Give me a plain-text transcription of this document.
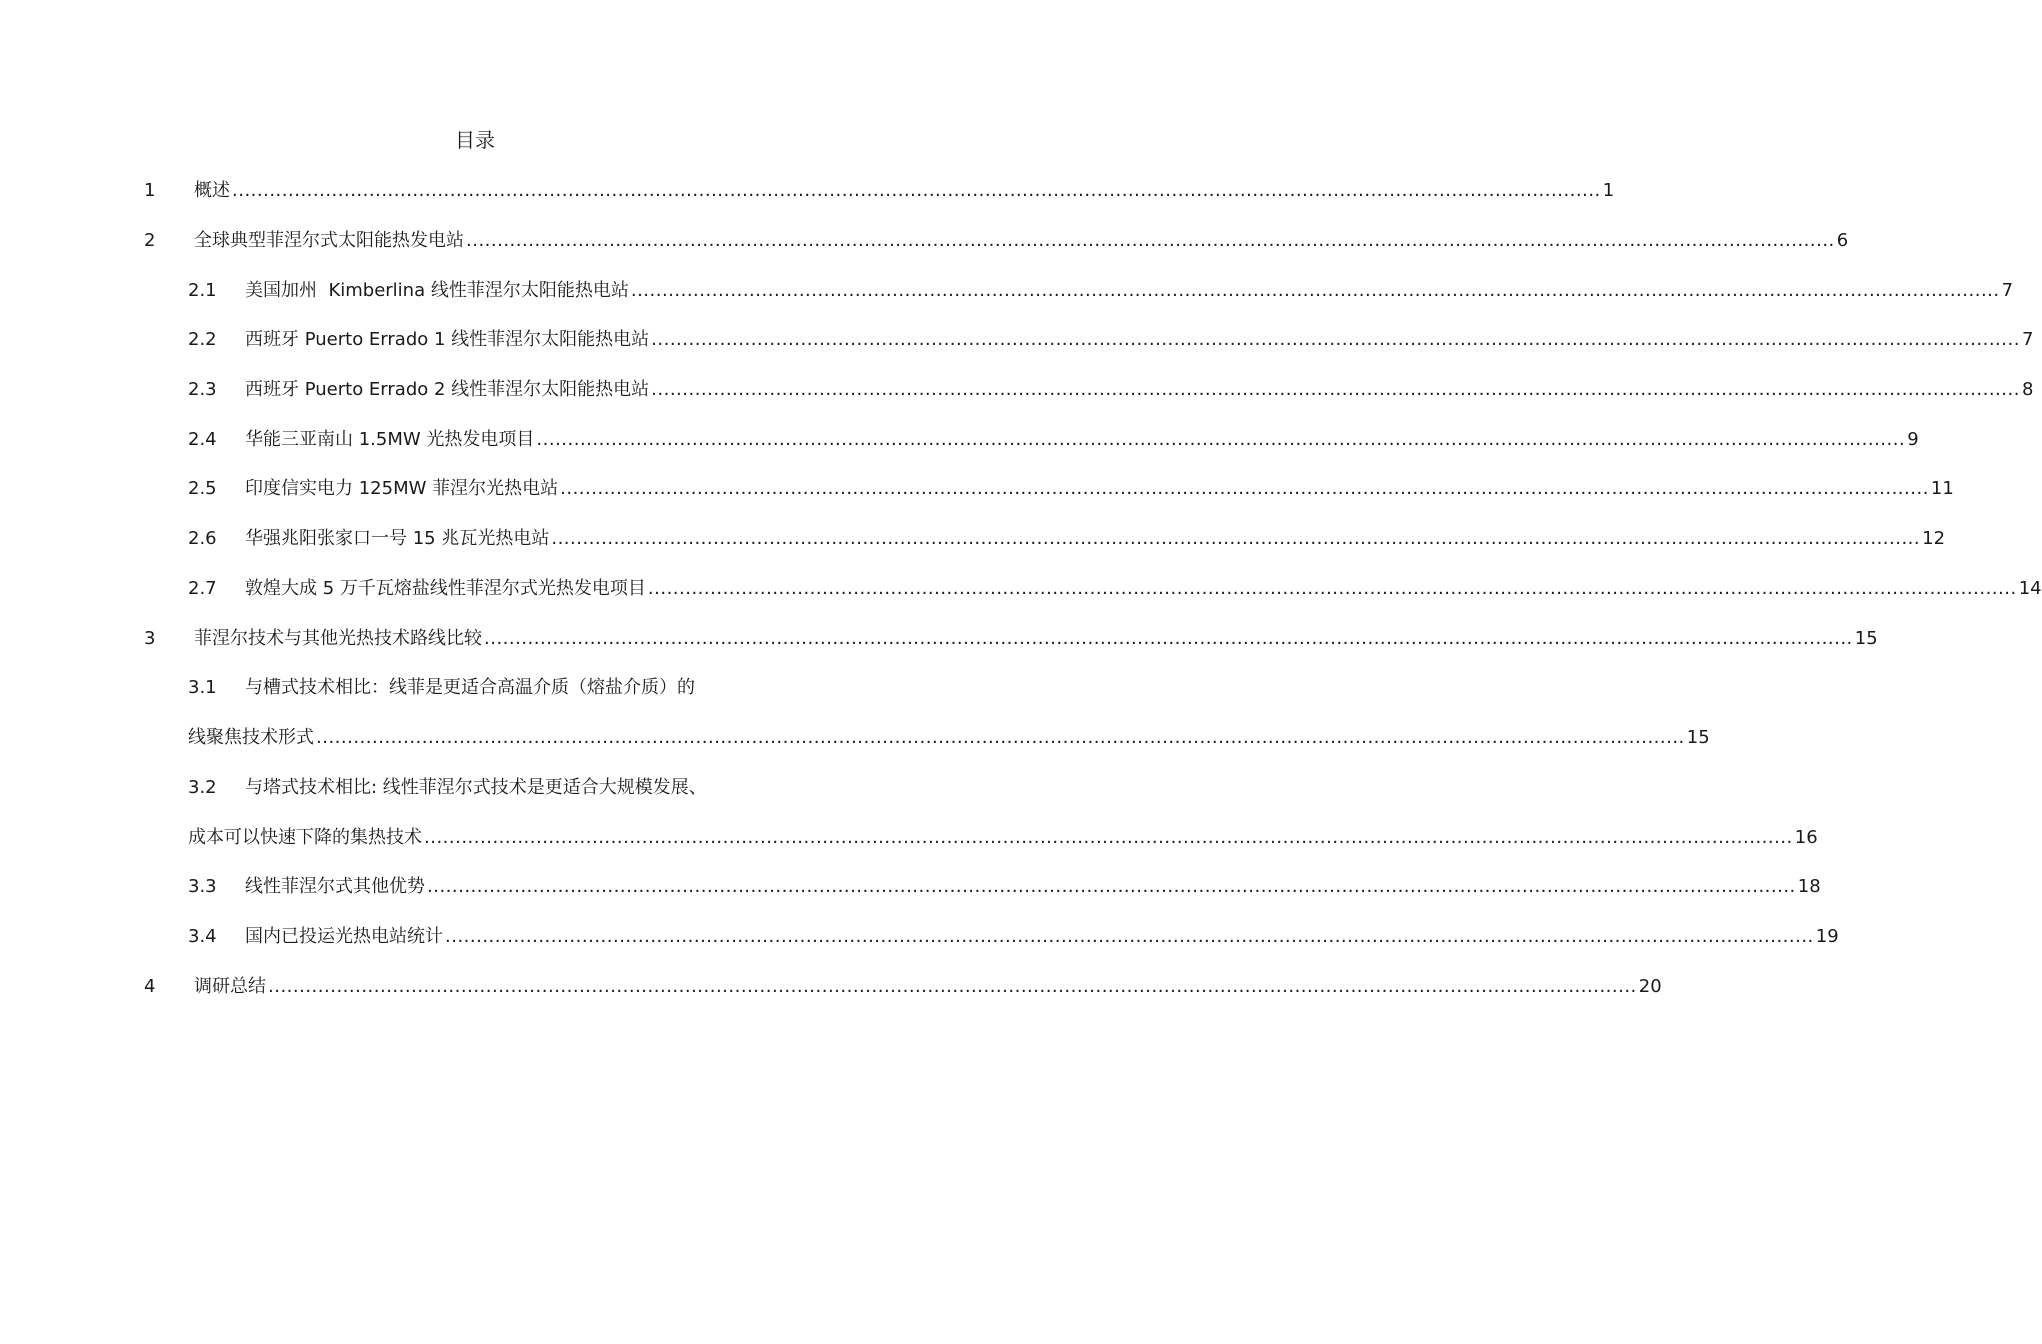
目录
1	概述 .....	1
2	全球典型菲涅尔式太阳能热发电站 .....	6
2.1	美国加州  Kimberlina 线性菲涅尔太阳能热电站 .....	7
2.2	西班牙 Puerto Errado 1 线性菲涅尔太阳能热电站 .....	7
2.3	西班牙 Puerto Errado 2 线性菲涅尔太阳能热电站 .....	8
2.4	华能三亚南山 1.5MW 光热发电项目 .....	9
2.5	印度信实电力 125MW 菲涅尔光热电站 .....	11
2.6	华强兆阳张家口一号 15 兆瓦光热电站 .....	12
2.7	敦煌大成 5 万千瓦熔盐线性菲涅尔式光热发电项目 .....	14
3	菲涅尔技术与其他光热技术路线比较 .....	15
3.1	与槽式技术相比：线菲是更适合高温介质（熔盐介质）的
线聚焦技术形式 .....	15
3.2	与塔式技术相比: 线性菲涅尔式技术是更适合大规模发展、
成本可以快速下降的集热技术 .....	16
3.3	线性菲涅尔式其他优势 .....	18
3.4	国内已投运光热电站统计 .....	19
4	调研总结 .....	20
